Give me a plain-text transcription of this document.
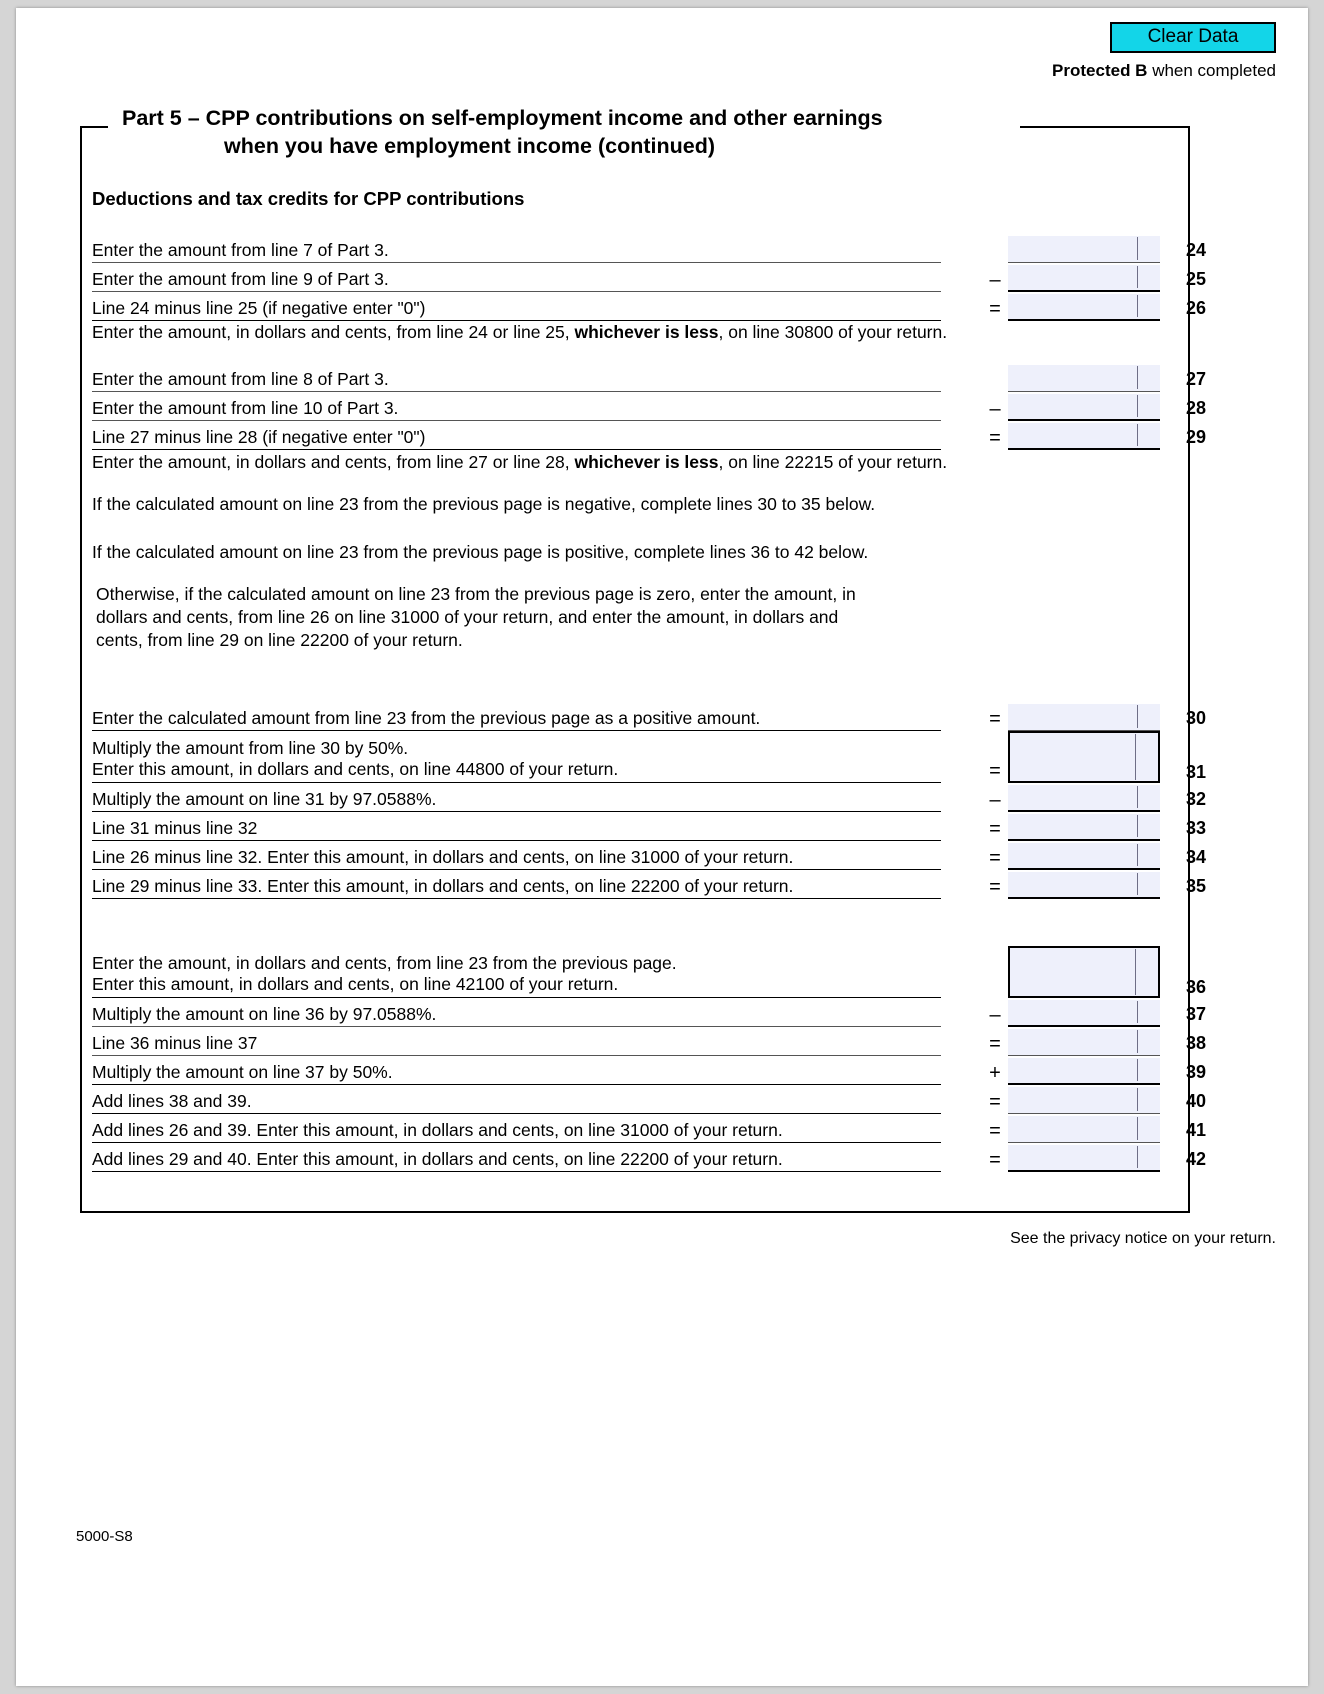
Clear Data
Protected B when completed
Part 5 – CPP contributions on self-employment income and other earnings
when you have employment income (continued)
Deductions and tax credits for CPP contributions
Enter the amount from line 7 of Part 3.	24
Enter the amount from line 9 of Part 3.	–	25
Line 24 minus line 25 (if negative enter "0")	=	26
Enter the amount, in dollars and cents, from line 24 or line 25, whichever is less, on line 30800 of your return.
Enter the amount from line 8 of Part 3.	27
Enter the amount from line 10 of Part 3.	–	28
Line 27 minus line 28 (if negative enter "0")	=	29
Enter the amount, in dollars and cents, from line 27 or line 28, whichever is less, on line 22215 of your return.
If the calculated amount on line 23 from the previous page is negative, complete lines 30 to 35 below.
If the calculated amount on line 23 from the previous page is positive, complete lines 36 to 42 below.
Otherwise, if the calculated amount on line 23 from the previous page is zero, enter the amount, in
dollars and cents, from line 26 on line 31000 of your return, and enter the amount, in dollars and
cents, from line 29 on line 22200 of your return.
Enter the calculated amount from line 23 from the previous page as a positive amount.	=	30
Multiply the amount from line 30 by 50%.
Enter this amount, in dollars and cents, on line 44800 of your return.	=	31
Multiply the amount on line 31 by 97.0588%.	–	32
Line 31 minus line 32	=	33
Line 26 minus line 32. Enter this amount, in dollars and cents, on line 31000 of your return.	=	34
Line 29 minus line 33. Enter this amount, in dollars and cents, on line 22200 of your return.	=	35
Enter the amount, in dollars and cents, from line 23 from the previous page.
Enter this amount, in dollars and cents, on line 42100 of your return.	36
Multiply the amount on line 36 by 97.0588%.	–	37
Line 36 minus line 37	=	38
Multiply the amount on line 37 by 50%.	+	39
Add lines 38 and 39.	=	40
Add lines 26 and 39. Enter this amount, in dollars and cents, on line 31000 of your return.	=	41
Add lines 29 and 40. Enter this amount, in dollars and cents, on line 22200 of your return.	=	42
See the privacy notice on your return.
5000-S8
